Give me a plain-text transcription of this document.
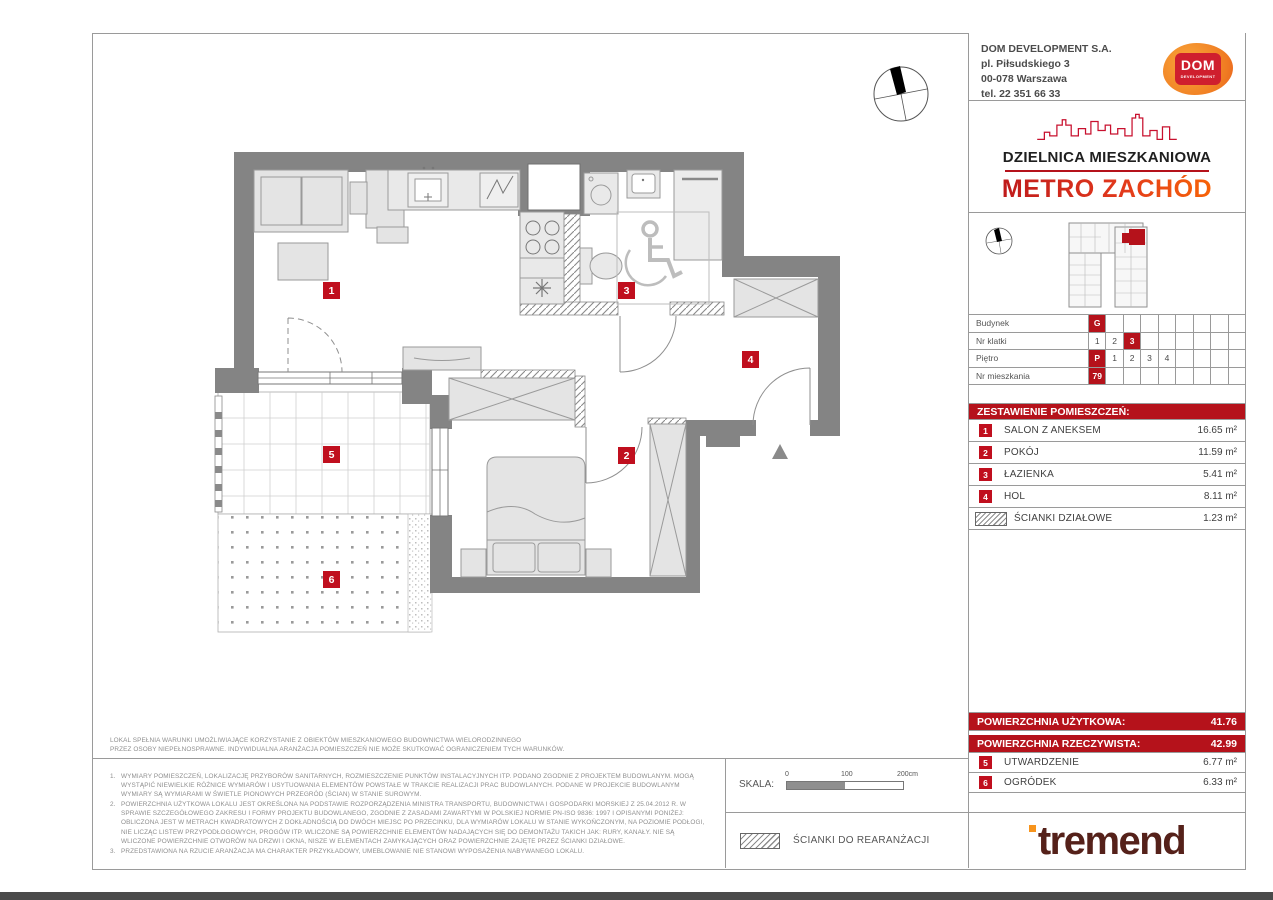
1
2
3
4
5
6
DOM DEVELOPMENT S.A.
pl. Piłsudskiego 3
00-078 Warszawa
tel. 22 351 66 33
DOM
DEVELOPMENT
DZIELNICA MIESZKANIOWA
METRO ZACHÓD
Budynek	G
Nr klatki	1	2	3
Piętro	P	1	2	3	4
Nr mieszkania	79
ZESTAWIENIE POMIESZCZEŃ:
1	SALON Z ANEKSEM	16.65 m²
2	POKÓJ	11.59 m²
3	ŁAZIENKA	5.41 m²
4	HOL	8.11 m²
ŚCIANKI DZIAŁOWE	1.23 m²
POWIERZCHNIA UŻYTKOWA:	41.76
POWIERZCHNIA RZECZYWISTA:	42.99
5	UTWARDZENIE	6.77 m²
6	OGRÓDEK	6.33 m²
tremend
LOKAL SPEŁNIA WARUNKI UMOŻLIWIAJĄCE KORZYSTANIE Z OBIEKTÓW MIESZKANIOWEGO BUDOWNICTWA WIELORODZINNEGO
PRZEZ OSOBY NIEPEŁNOSPRAWNE. INDYWIDUALNA ARANŻACJA POMIESZCZEŃ NIE MOŻE SKUTKOWAĆ OGRANICZENIEM TYCH WARUNKÓW.
1. WYMIARY POMIESZCZEŃ, LOKALIZACJĘ PRZYBORÓW SANITARNYCH, ROZMIESZCZENIE PUNKTÓW INSTALACYJNYCH ITP. PODANO ZGODNIE Z PROJEKTEM BUDOWLANYM. MOGĄ WYSTĄPIĆ NIEWIELKIE RÓŻNICE WYMIARÓW I USYTUOWANIA ELEMENTÓW POWSTAŁE W TRAKCIE REALIZACJI PRAC BUDOWLANYCH. PODANE W PROJEKCIE BUDOWLANYM WYMIARY SĄ WYMIARAMI W ŚWIETLE PIONOWYCH PRZEGRÓD (ŚCIAN) W STANIE SUROWYM.
2. POWIERZCHNIA UŻYTKOWA LOKALU JEST OKREŚLONA NA PODSTAWIE ROZPORZĄDZENIA MINISTRA TRANSPORTU, BUDOWNICTWA I GOSPODARKI MORSKIEJ Z 25.04.2012 R. W SPRAWIE SZCZEGÓŁOWEGO ZAKRESU I FORMY PROJEKTU BUDOWLANEGO, ZGODNIE Z ZASADAMI ZAWARTYMI W POLSKIEJ NORMIE PN-ISO 9836: 1997 I OPISANYMI PONIŻEJ: OBLICZONA JEST W METRACH KWADRATOWYCH Z DOKŁADNOŚCIĄ DO DWÓCH MIEJSC PO PRZECINKU, DLA WYMIARÓW LOKALU W STANIE WYKOŃCZONYM, NA POZIOMIE PODŁOGI, NIE LICZĄC LISTEW PRZYPODŁOGOWYCH, PROGÓW ITP. WLICZONE SĄ POWIERZCHNIE ELEMENTÓW NADAJĄCYCH SIĘ DO DEMONTAŻU TAKICH JAK: RURY, KANAŁY. NIE SĄ WLICZONE POWIERZCHNIE OTWORÓW NA DRZWI I OKNA, NISZE W ELEMENTACH ZAMYKAJĄCYCH ORAZ POWIERZCHNIE ZAJĘTE PRZEZ ŚCIANKI DZIAŁOWE.
3. PRZEDSTAWIONA NA RZUCIE ARANŻACJA MA CHARAKTER PRZYKŁADOWY, UMEBLOWANIE NIE STANOWI WYPOSAŻENIA NABYWANEGO LOKALU.
SKALA:
0	100	200cm
ŚCIANKI DO REARANŻACJI
